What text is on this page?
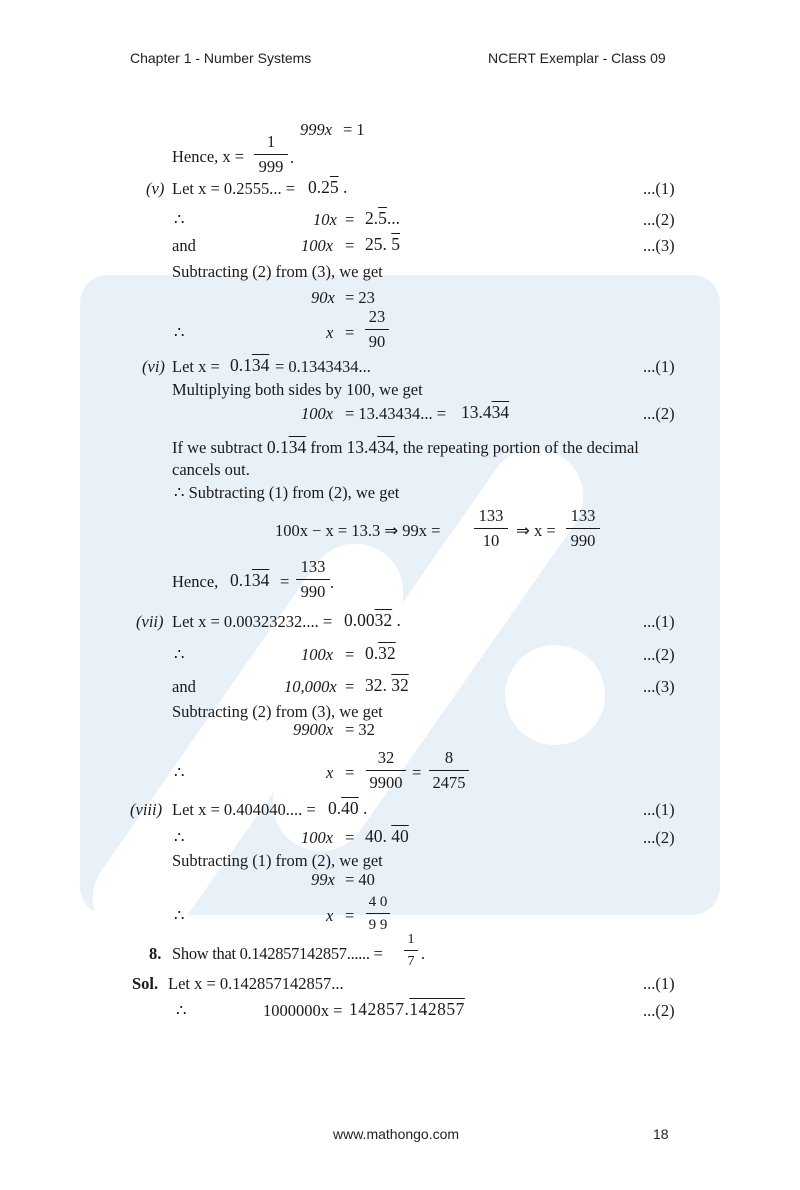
Chapter 1 - Number Systems	NCERT Exemplar - Class 09
999x = 1
Hence, $x = \frac{1}{999}$ .
(v) Let x = 0.2555... = 0.25 .	...(1)
∴	10x = 2.5...	...(2)
and	100x = 25. 5	...(3)
Subtracting (2) from (3), we get
90x = 23
∴	$x = \frac{23}{90}$
(vi) Let x = 0.134 = 0.1343434...	...(1)
Multiplying both sides by 100, we get
100x = 13.43434... = 13.434	...(2)
If we subtract 0.134 from 13.434, the repeating portion of the decimal
cancels out.
∴ Subtracting (1) from (2), we get
100x − x = 13.3 ⇒ $99x = \frac{133}{10}$ ⇒ $x = \frac{133}{990}$
Hence, $0.134 = \frac{133}{990}$ .
(vii) Let x = 0.00323232.... = 0.0032 .	...(1)
∴	100x = 0.32	...(2)
and	10,000x = 32. 32	...(3)
Subtracting (2) from (3), we get
9900x = 32
∴	$x = \frac{32}{9900} = \frac{8}{2475}$
(viii) Let x = 0.404040.... = 0.40 .	...(1)
∴	100x = 40. 40	...(2)
Subtracting (1) from (2), we get
99x = 40
∴	$x = \frac{4 0}{9 9}$
8. Show that 0.142857142857...... = $\frac{1}{7}$ .
Sol. Let x = 0.142857142857...	...(1)
∴	1000000x = 142857.142857	...(2)
www.mathongo.com	18
